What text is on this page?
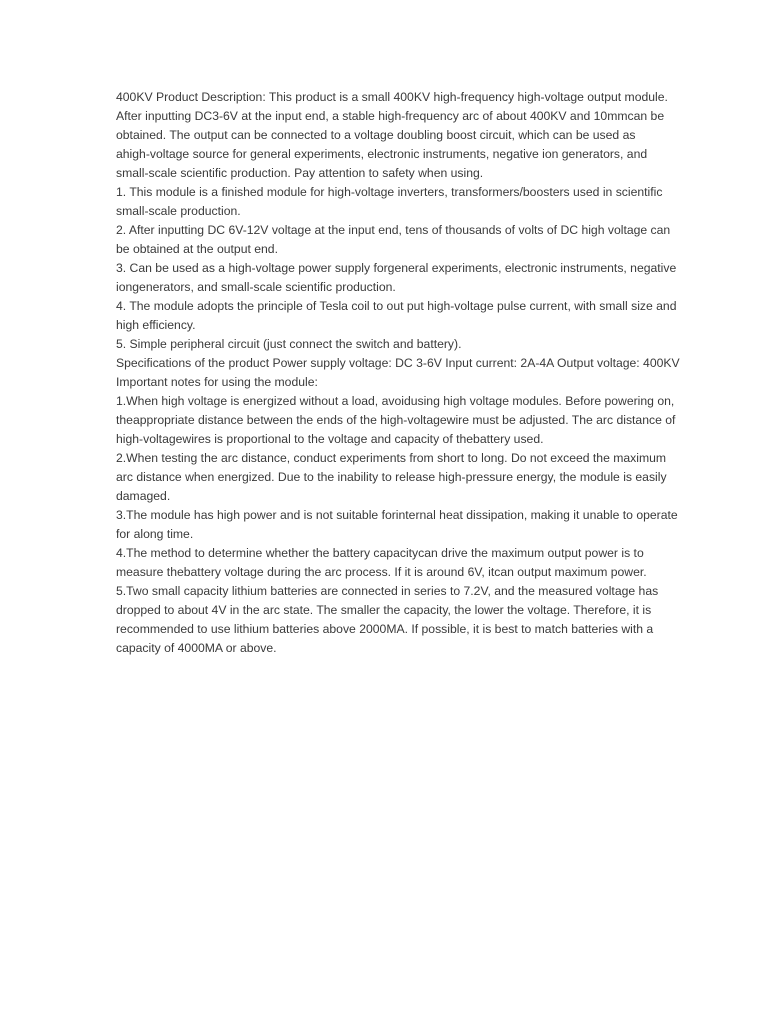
400KV Product Description: This product is a small 400KV high-frequency high-voltage output module.

After inputting DC3-6V at the input end, a stable high-frequency arc of about 400KV and 10mmcan be

obtained. The output can be connected to a voltage doubling boost circuit, which can be used as

ahigh-voltage source for general experiments, electronic instruments, negative ion generators, and

small-scale scientific production. Pay attention to safety when using.

1. This module is a finished module for high-voltage inverters, transformers/boosters used in scientific

small-scale production.

2. After inputting DC 6V-12V voltage at the input end, tens of thousands of volts of DC high voltage can

be obtained at the output end.

3. Can be used as a high-voltage power supply forgeneral experiments, electronic instruments, negative

iongenerators, and small-scale scientific production.

4. The module adopts the principle of Tesla coil to out put high-voltage pulse current, with small size and

high efficiency.

5. Simple peripheral circuit (just connect the switch and battery).

Specifications of the product Power supply voltage: DC 3-6V Input current: 2A-4A Output voltage: 400KV

Important notes for using the module:

1.When high voltage is energized without a load, avoidusing high voltage modules. Before powering on,

theappropriate distance between the ends of the high-voltagewire must be adjusted. The arc distance of

high-voltagewires is proportional to the voltage and capacity of thebattery used.

2.When testing the arc distance, conduct experiments from short to long. Do not exceed the maximum

arc distance when energized. Due to the inability to release high-pressure energy, the module is easily

damaged.

3.The module has high power and is not suitable forinternal heat dissipation, making it unable to operate

for along time.

4.The method to determine whether the battery capacitycan drive the maximum output power is to

measure thebattery voltage during the arc process. If it is around 6V, itcan output maximum power.

5.Two small capacity lithium batteries are connected in series to 7.2V, and the measured voltage has

dropped to about 4V in the arc state. The smaller the capacity, the lower the voltage. Therefore, it is

recommended to use lithium batteries above 2000MA. If possible, it is best to match batteries with a

capacity of 4000MA or above.
